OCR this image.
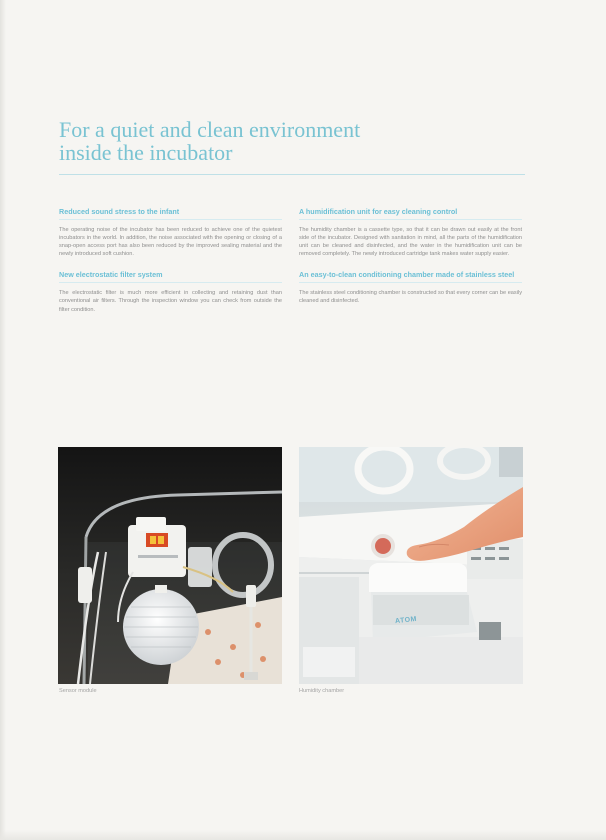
For a quiet and clean environment
inside the incubator
Reduced sound stress to the infant

The operating noise of the incubator has been reduced to achieve one of the quietest incubators in the world. In addition, the noise associated with the opening or closing of a snap-open access port has also been reduced by the improved sealing material and the newly introduced soft cushion.

New electrostatic filter system

The electrostatic filter is much more efficient in collecting and retaining dust than conventional air filters. Through the inspection window you can check from outside the filter condition.

A humidification unit for easy cleaning control

The humidity chamber is a cassette type, so that it can be drawn out easily at the front side of the incubator. Designed with sanitation in mind, all the parts of the humidification unit can be cleaned and disinfected, and the water in the humidification unit can be removed completely. The newly introduced cartridge tank makes water supply easier.

An easy-to-clean conditioning chamber made of stainless steel

The stainless steel conditioning chamber is constructed so that every corner can be easily cleaned and disinfected.

Sensor module
ATOM
Humidity chamber
